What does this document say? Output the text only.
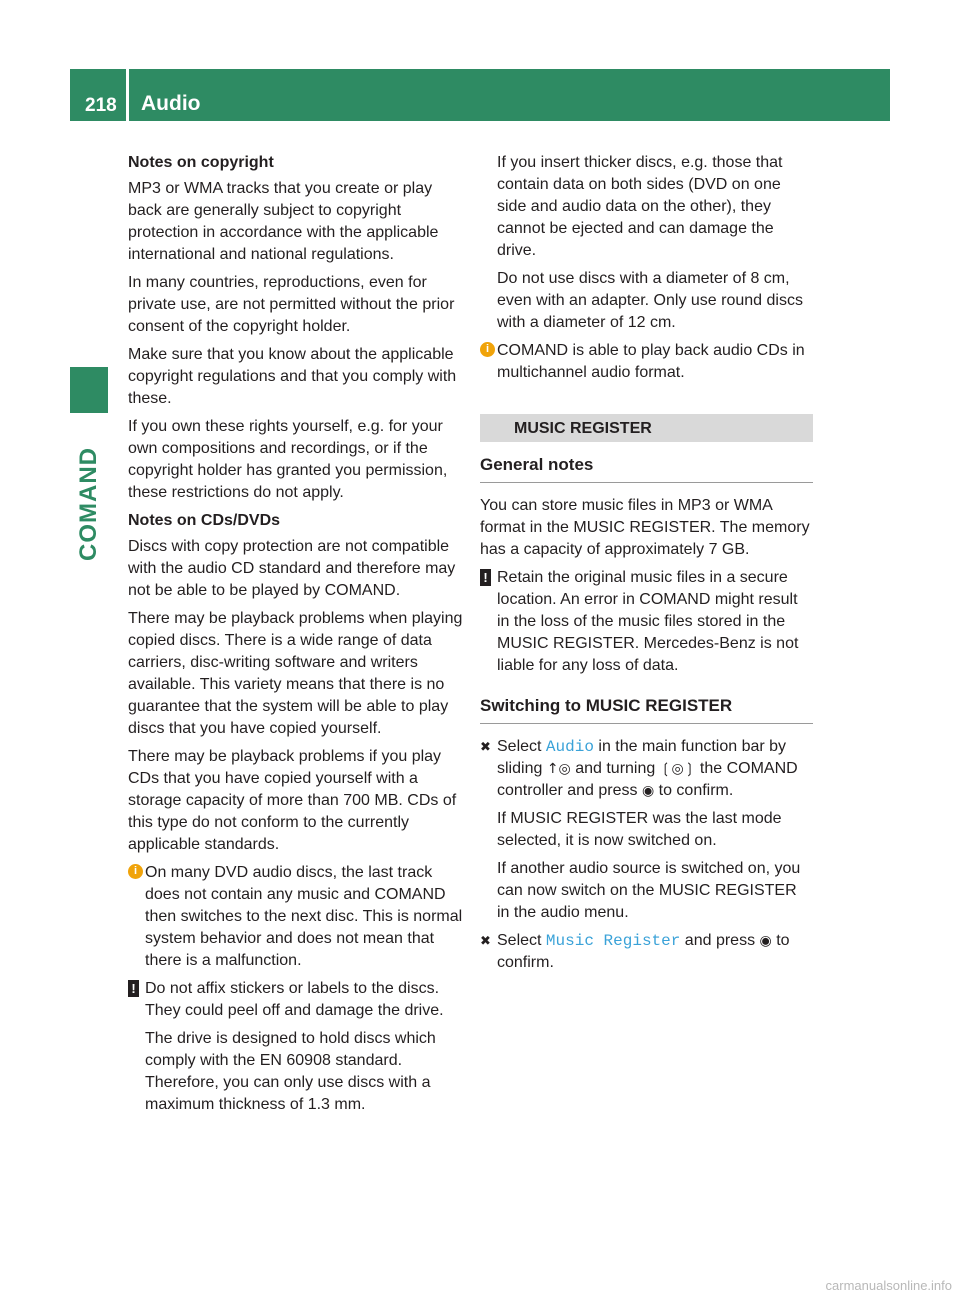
218 Audio
COMAND
Notes on copyright

MP3 or WMA tracks that you create or play back are generally subject to copyright protection in accordance with the applicable international and national regulations.

In many countries, reproductions, even for private use, are not permitted without the prior consent of the copyright holder.

Make sure that you know about the applicable copyright regulations and that you comply with these.

If you own these rights yourself, e.g. for your own compositions and recordings, or if the copyright holder has granted you permission, these restrictions do not apply.

Notes on CDs/DVDs

Discs with copy protection are not compatible with the audio CD standard and therefore may not be able to be played by COMAND.

There may be playback problems when playing copied discs. There is a wide range of data carriers, disc-writing software and writers available. This variety means that there is no guarantee that the system will be able to play discs that you have copied yourself.

There may be playback problems if you play CDs that you have copied yourself with a storage capacity of more than 700 MB. CDs of this type do not conform to the currently applicable standards.

i On many DVD audio discs, the last track does not contain any music and COMAND then switches to the next disc. This is normal system behavior and does not mean that there is a malfunction.

! Do not affix stickers or labels to the discs. They could peel off and damage the drive.

The drive is designed to hold discs which comply with the EN 60908 standard. Therefore, you can only use discs with a maximum thickness of 1.3 mm.

If you insert thicker discs, e.g. those that contain data on both sides (DVD on one side and audio data on the other), they cannot be ejected and can damage the drive.

Do not use discs with a diameter of 8 cm, even with an adapter. Only use round discs with a diameter of 12 cm.

i COMAND is able to play back audio CDs in multichannel audio format.

MUSIC REGISTER
General notes

You can store music files in MP3 or WMA format in the MUSIC REGISTER. The memory has a capacity of approximately 7 GB.

! Retain the original music files in a secure location. An error in COMAND might result in the loss of the music files stored in the MUSIC REGISTER. Mercedes-Benz is not liable for any loss of data.

Switching to MUSIC REGISTER
✖ Select Audio in the main function bar by sliding ↑◎ and turning ❲◎❳ the COMAND controller and press ◉ to confirm.

If MUSIC REGISTER was the last mode selected, it is now switched on.

If another audio source is switched on, you can now switch on the MUSIC REGISTER in the audio menu.

✖ Select Music Register and press ◉ to confirm.

carmanualsonline.info
